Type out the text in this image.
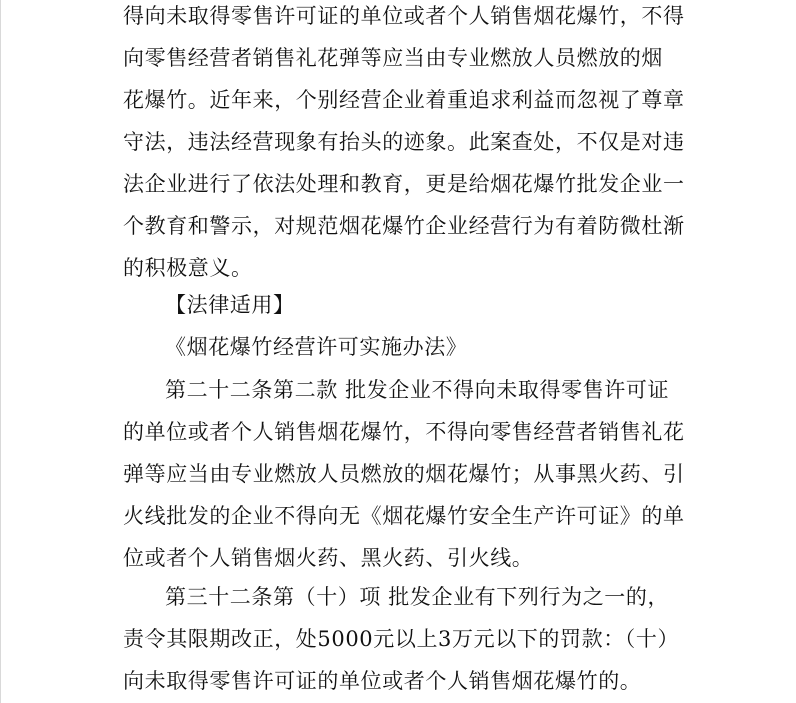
得向未取得零售许可证的单位或者个人销售烟花爆竹，不得
向零售经营者销售礼花弹等应当由专业燃放人员燃放的烟
花爆竹。近年来，个别经营企业着重追求利益而忽视了尊章
守法，违法经营现象有抬头的迹象。此案查处，不仅是对违
法企业进行了依法处理和教育，更是给烟花爆竹批发企业一
个教育和警示，对规范烟花爆竹企业经营行为有着防微杜渐
的积极意义。
【法律适用】
《烟花爆竹经营许可实施办法》
第二十二条第二款 批发企业不得向未取得零售许可证
的单位或者个人销售烟花爆竹，不得向零售经营者销售礼花
弹等应当由专业燃放人员燃放的烟花爆竹；从事黑火药、引
火线批发的企业不得向无《烟花爆竹安全生产许可证》的单
位或者个人销售烟火药、黑火药、引火线。
第三十二条第（十）项 批发企业有下列行为之一的，
责令其限期改正，处5000元以上3万元以下的罚款：（十）
向未取得零售许可证的单位或者个人销售烟花爆竹的。
